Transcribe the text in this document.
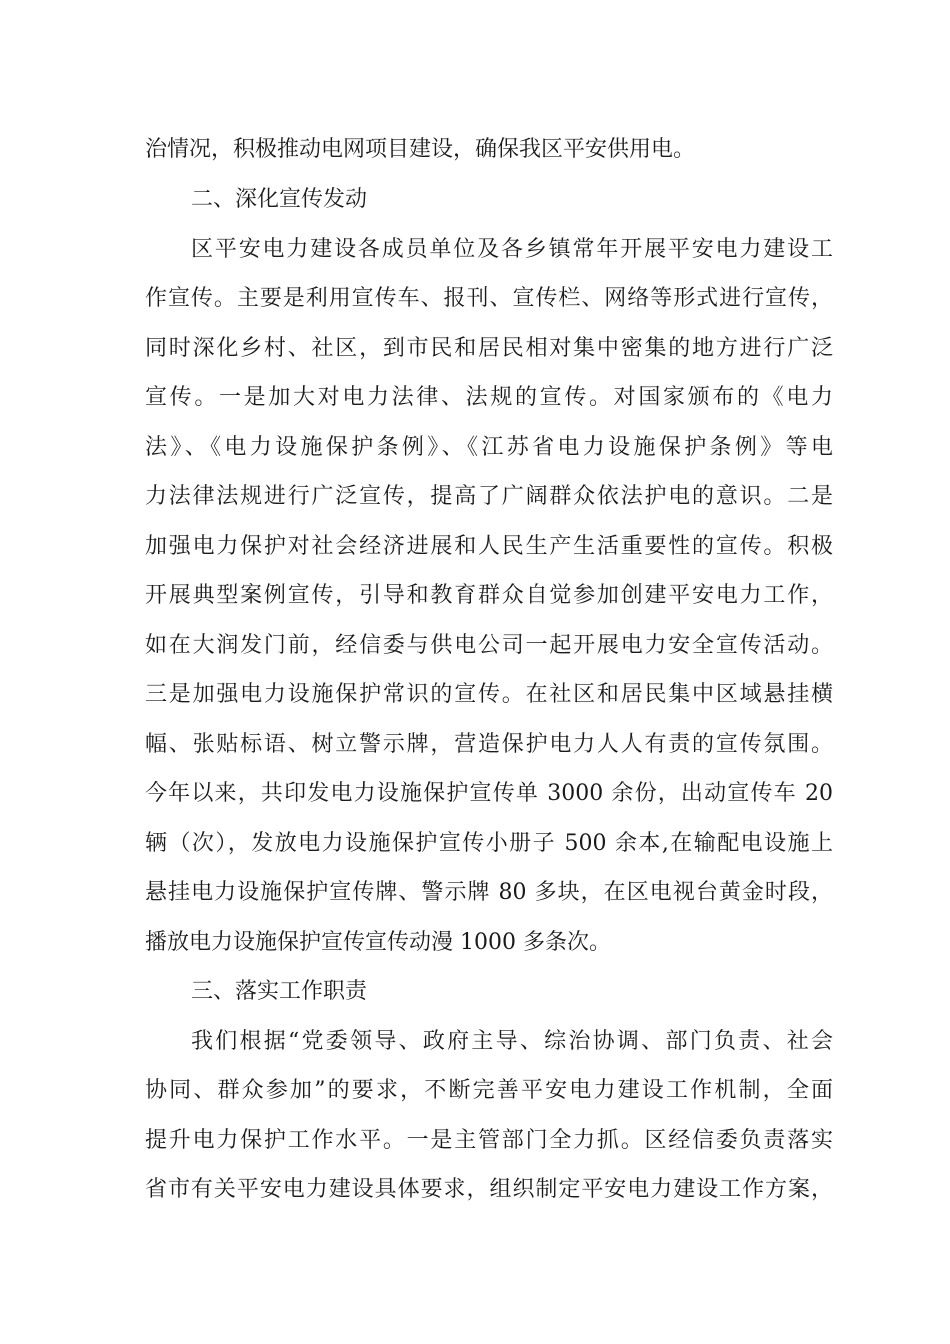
治情况，积极推动电网项目建设，确保我区平安供用电。
二、深化宣传发动
区平安电力建设各成员单位及各乡镇常年开展平安电力建设工
作宣传。主要是利用宣传车、报刊、宣传栏、网络等形式进行宣传，
同时深化乡村、社区，到市民和居民相对集中密集的地方进行广泛
宣传。一是加大对电力法律、法规的宣传。对国家颁布的《电力
法》、《电力设施保护条例》、《江苏省电力设施保护条例》等电
力法律法规进行广泛宣传，提高了广阔群众依法护电的意识。二是
加强电力保护对社会经济进展和人民生产生活重要性的宣传。积极
开展典型案例宣传，引导和教育群众自觉参加创建平安电力工作，
如在大润发门前，经信委与供电公司一起开展电力安全宣传活动。
三是加强电力设施保护常识的宣传。在社区和居民集中区域悬挂横
幅、张贴标语、树立警示牌，营造保护电力人人有责的宣传氛围。
今年以来，共印发电力设施保护宣传单 3000 余份，出动宣传车 20
辆（次），发放电力设施保护宣传小册子 500 余本,在输配电设施上
悬挂电力设施保护宣传牌、警示牌 80 多块，在区电视台黄金时段，
播放电力设施保护宣传宣传动漫 1000 多条次。
三、落实工作职责
我们根据“党委领导、政府主导、综治协调、部门负责、社会
协同、群众参加”的要求，不断完善平安电力建设工作机制，全面
提升电力保护工作水平。一是主管部门全力抓。区经信委负责落实
省市有关平安电力建设具体要求，组织制定平安电力建设工作方案，
